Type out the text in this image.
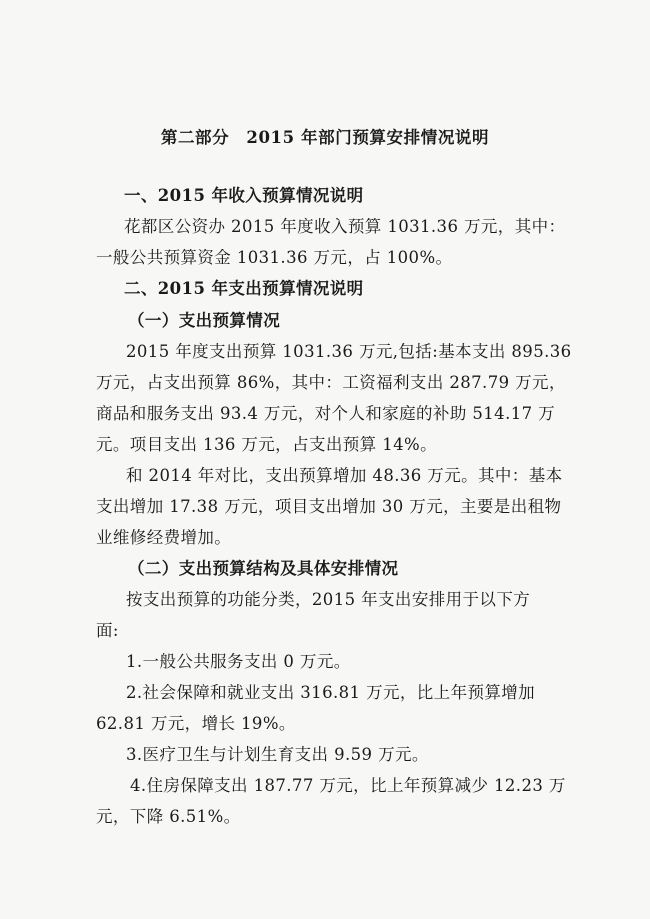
第二部分　2015 年部门预算安排情况说明
一、2015 年收入预算情况说明
花都区公资办 2015 年度收入预算 1031.36 万元，其中：
一般公共预算资金 1031.36 万元，占 100%。
二、2015 年支出预算情况说明
（一）支出预算情况
2015 年度支出预算 1031.36 万元,包括:基本支出 895.36
万元，占支出预算 86%，其中：工资福利支出 287.79 万元，
商品和服务支出 93.4 万元，对个人和家庭的补助 514.17 万
元。项目支出 136 万元，占支出预算 14%。
和 2014 年对比，支出预算增加 48.36 万元。其中：基本
支出增加 17.38 万元，项目支出增加 30 万元，主要是出租物
业维修经费增加。
（二）支出预算结构及具体安排情况
按支出预算的功能分类，2015 年支出安排用于以下方
面:
1.一般公共服务支出 0 万元。
2.社会保障和就业支出 316.81 万元，比上年预算增加
62.81 万元，增长 19%。
3.医疗卫生与计划生育支出 9.59 万元。
4.住房保障支出 187.77 万元，比上年预算减少 12.23 万
元，下降 6.51%。
